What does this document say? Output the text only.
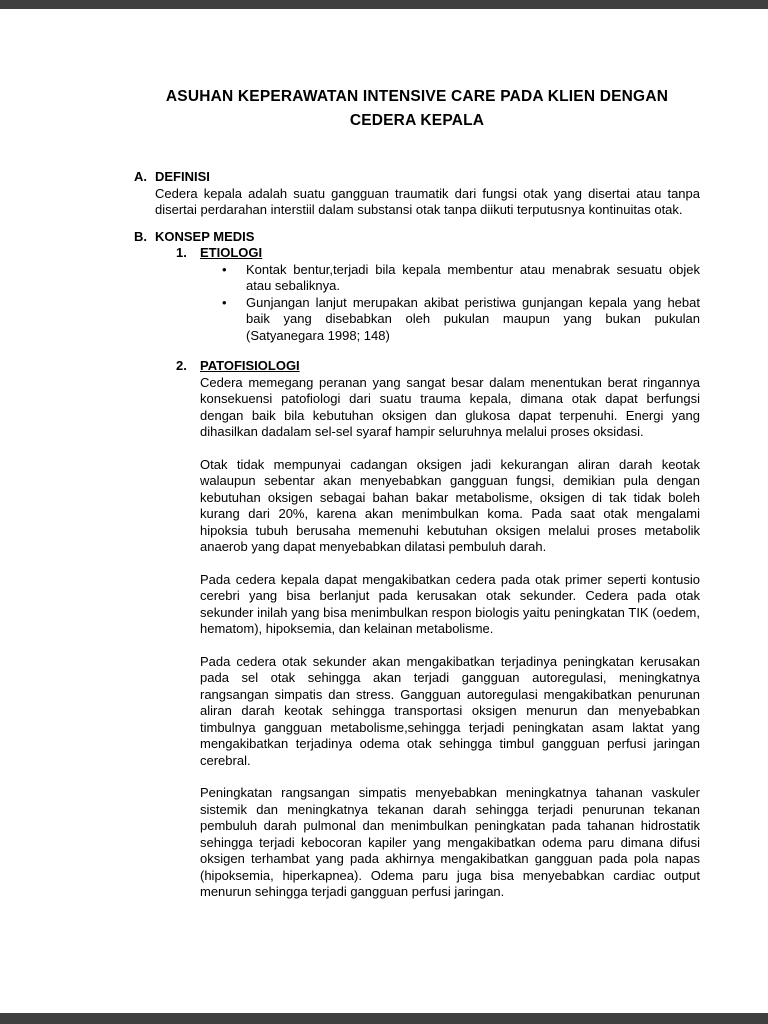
ASUHAN KEPERAWATAN INTENSIVE CARE PADA KLIEN DENGAN
CEDERA KEPALA
A. DEFINISI

Cedera kepala adalah suatu gangguan traumatik dari fungsi otak yang disertai atau tanpa disertai perdarahan interstiil dalam substansi otak tanpa diikuti terputusnya kontinuitas otak.

B. KONSEP MEDIS
1.	ETIOLOGI
•	Kontak bentur,terjadi bila kepala membentur atau menabrak sesuatu objek atau sebaliknya.
•	Gunjangan lanjut merupakan akibat peristiwa gunjangan kepala yang hebat baik yang disebabkan oleh pukulan maupun yang bukan pukulan (Satyanegara 1998; 148)
2.	PATOFISIOLOGI

Cedera memegang peranan yang sangat besar dalam menentukan berat ringannya konsekuensi patofiologi dari suatu trauma kepala, dimana otak dapat berfungsi dengan baik bila kebutuhan oksigen dan glukosa dapat terpenuhi. Energi yang dihasilkan dadalam sel-sel syaraf hampir seluruhnya melalui proses oksidasi.

Otak tidak mempunyai cadangan oksigen jadi kekurangan aliran darah keotak walaupun sebentar akan menyebabkan gangguan fungsi, demikian pula dengan kebutuhan oksigen sebagai bahan bakar metabolisme, oksigen di tak tidak boleh kurang dari 20%, karena akan menimbulkan koma. Pada saat otak mengalami hipoksia tubuh berusaha memenuhi kebutuhan oksigen melalui proses metabolik anaerob yang dapat menyebabkan dilatasi pembuluh darah.

Pada cedera kepala dapat mengakibatkan cedera pada otak primer seperti kontusio cerebri yang bisa berlanjut pada kerusakan otak sekunder. Cedera pada otak sekunder inilah yang bisa menimbulkan respon biologis yaitu peningkatan TIK (oedem, hematom), hipoksemia, dan kelainan metabolisme.

Pada cedera otak sekunder akan mengakibatkan terjadinya peningkatan kerusakan pada sel otak sehingga akan terjadi gangguan autoregulasi, meningkatnya rangsangan simpatis dan stress. Gangguan autoregulasi mengakibatkan penurunan aliran darah keotak sehingga transportasi oksigen menurun dan menyebabkan timbulnya gangguan metabolisme,sehingga terjadi peningkatan asam laktat yang mengakibatkan terjadinya odema otak sehingga timbul gangguan perfusi jaringan cerebral.

Peningkatan rangsangan simpatis menyebabkan meningkatnya tahanan vaskuler sistemik dan meningkatnya tekanan darah sehingga terjadi penurunan tekanan pembuluh darah pulmonal dan menimbulkan peningkatan pada tahanan hidrostatik sehingga terjadi kebocoran kapiler yang mengakibatkan odema paru dimana difusi oksigen terhambat yang pada akhirnya mengakibatkan gangguan pada pola napas (hipoksemia, hiperkapnea). Odema paru juga bisa menyebabkan cardiac output menurun sehingga terjadi gangguan perfusi jaringan.
